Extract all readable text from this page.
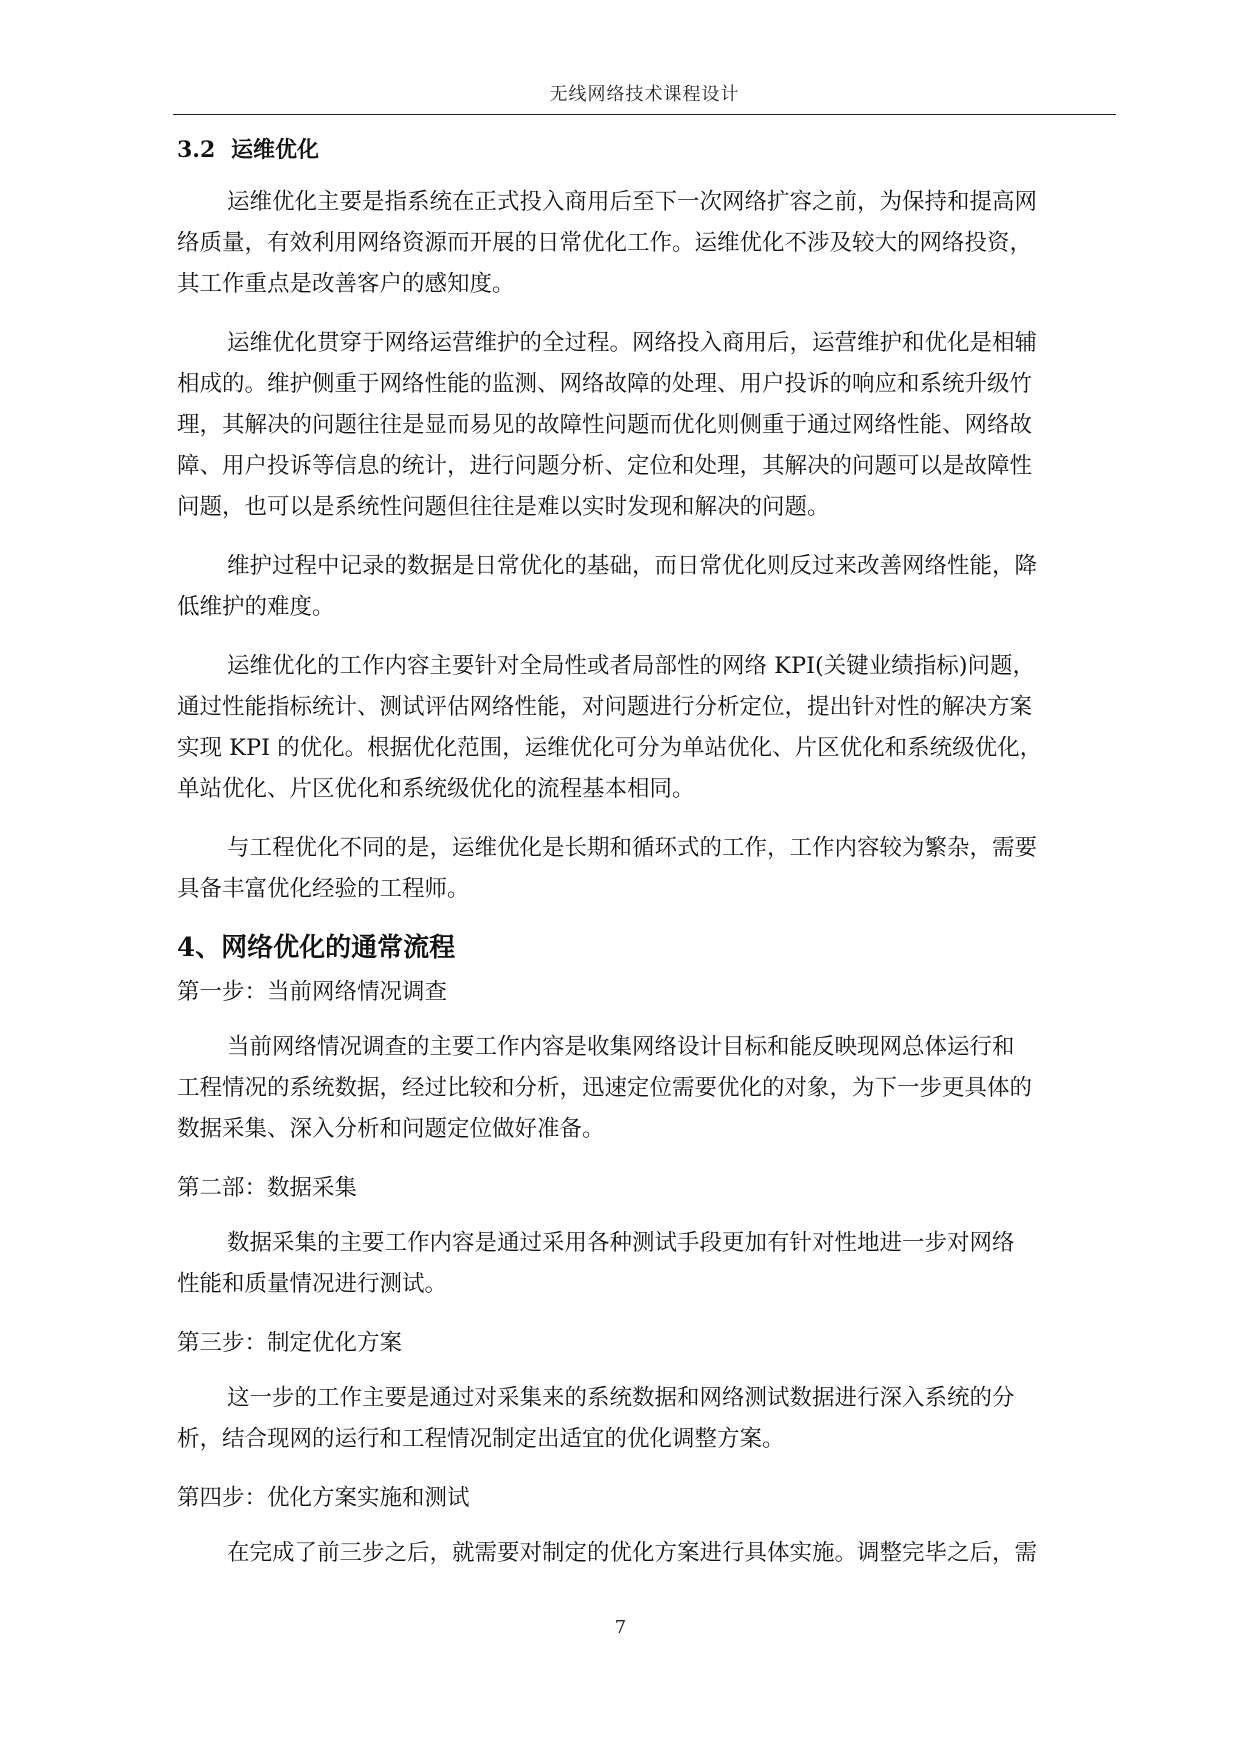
无线网络技术课程设计
3.2 运维优化
运维优化主要是指系统在正式投入商用后至下一次网络扩容之前，为保持和提高网
络质量，有效利用网络资源而开展的日常优化工作。运维优化不涉及较大的网络投资，
其工作重点是改善客户的感知度。
运维优化贯穿于网络运营维护的全过程。网络投入商用后，运营维护和优化是相辅
相成的。维护侧重于网络性能的监测、网络故障的处理、用户投诉的响应和系统升级竹
理，其解决的问题往往是显而易见的故障性问题而优化则侧重于通过网络性能、网络故
障、用户投诉等信息的统计，进行问题分析、定位和处理，其解决的问题可以是故障性
问题，也可以是系统性问题但往往是难以实时发现和解决的问题。
维护过程中记录的数据是日常优化的基础，而日常优化则反过来改善网络性能，降
低维护的难度。
运维优化的工作内容主要针对全局性或者局部性的网络 KPI(关键业绩指标)问题，
通过性能指标统计、测试评估网络性能，对问题进行分析定位，提出针对性的解决方案
实现 KPI 的优化。根据优化范围，运维优化可分为单站优化、片区优化和系统级优化，
单站优化、片区优化和系统级优化的流程基本相同。
与工程优化不同的是，运维优化是长期和循环式的工作，工作内容较为繁杂，需要
具备丰富优化经验的工程师。
4、网络优化的通常流程
第一步：当前网络情况调查
当前网络情况调查的主要工作内容是收集网络设计目标和能反映现网总体运行和
工程情况的系统数据，经过比较和分析，迅速定位需要优化的对象，为下一步更具体的
数据采集、深入分析和问题定位做好准备。
第二部：数据采集
数据采集的主要工作内容是通过采用各种测试手段更加有针对性地进一步对网络
性能和质量情况进行测试。
第三步：制定优化方案
这一步的工作主要是通过对采集来的系统数据和网络测试数据进行深入系统的分
析，结合现网的运行和工程情况制定出适宜的优化调整方案。
第四步：优化方案实施和测试
在完成了前三步之后，就需要对制定的优化方案进行具体实施。调整完毕之后，需
7
